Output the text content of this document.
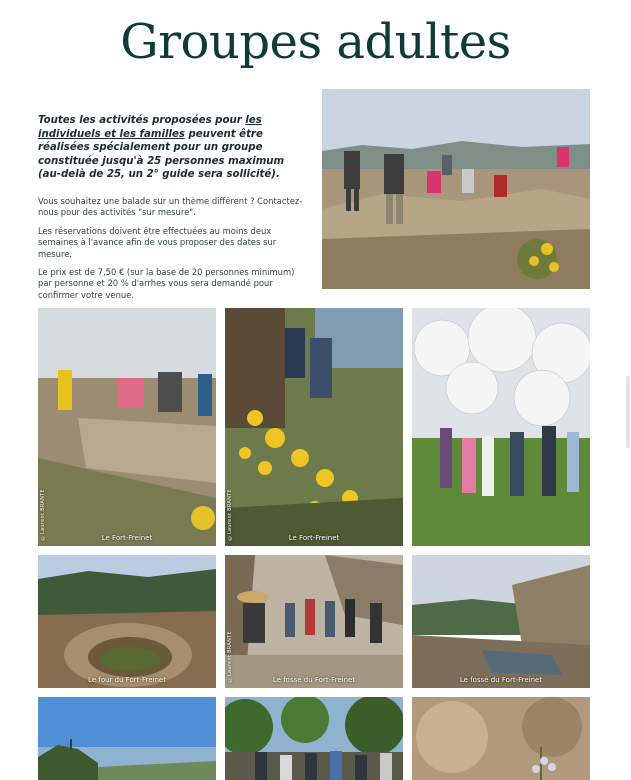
Groupes adultes
Toutes les activités proposées pour les individuels et les familles peuvent être réalisées spécialement pour un groupe constituée jusqu'à 25 personnes maximum (au-delà de 25, un 2° guide sera sollicité).

Vous souhaitez une balade sur un thème différent ? Contactez-nous pour des activités "sur mesure".

Les réservations doivent être effectuées au moins deux semaines à l'avance afin de vous proposer des dates sur mesure.

Le prix est de 7,50 € (sur la base de 20 personnes minimum) par personne et 20 % d'arrhes vous sera demandé pour confirmer votre venue.

Le Fort-Freinet
©Laurent BRANTE	Le Fort-Freinet
©Laurent BRANTE
Le four du Fort-Freinet	Le fossé du Fort-Freinet
©Laurent BRANTE	Le fossé du Fort-Freinet
